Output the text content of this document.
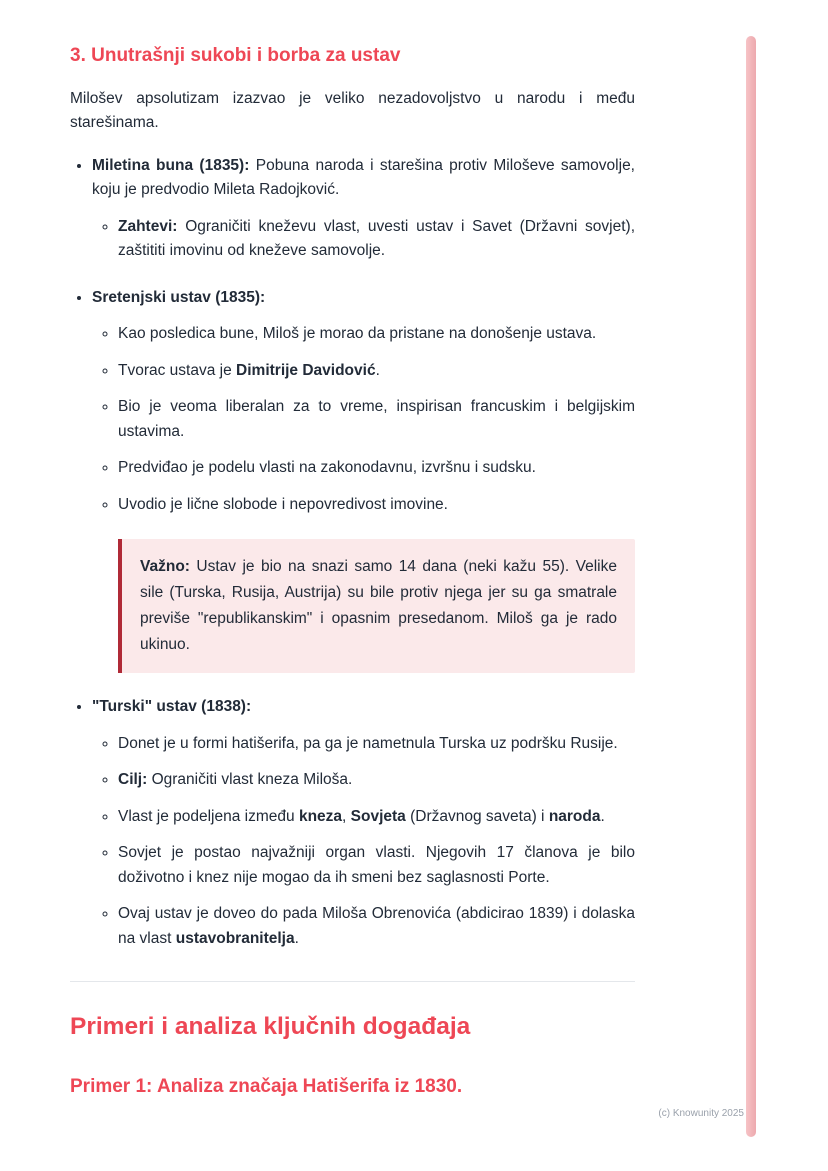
3. Unutrašnji sukobi i borba za ustav

Milošev apsolutizam izazvao je veliko nezadovoljstvo u narodu i među starešinama.

• Miletina buna (1835): Pobuna naroda i starešina protiv Miloševe samovolje, koju je predvodio Mileta Radojković.

◦ Zahtevi: Ograničiti kneževu vlast, uvesti ustav i Savet (Državni sovjet), zaštititi imovinu od kneževe samovolje.

• Sretenjski ustav (1835):

◦ Kao posledica bune, Miloš je morao da pristane na donošenje ustava.

◦ Tvorac ustava je Dimitrije Davidović.

◦ Bio je veoma liberalan za to vreme, inspirisan francuskim i belgijskim ustavima.

◦ Predviđao je podelu vlasti na zakonodavnu, izvršnu i sudsku.

◦ Uvodio je lične slobode i nepovredivost imovine.

Važno: Ustav je bio na snazi samo 14 dana (neki kažu 55). Velike sile (Turska, Rusija, Austrija) su bile protiv njega jer su ga smatrale previše "republikanskim" i opasnim presedanom. Miloš ga je rado ukinuo.

• "Turski" ustav (1838):

◦ Donet je u formi hatišerifa, pa ga je nametnula Turska uz podršku Rusije.

◦ Cilj: Ograničiti vlast kneza Miloša.

◦ Vlast je podeljena između kneza, Sovjeta (Državnog saveta) i naroda.

◦ Sovjet je postao najvažniji organ vlasti. Njegovih 17 članova je bilo doživotno i knez nije mogao da ih smeni bez saglasnosti Porte.

◦ Ovaj ustav je doveo do pada Miloša Obrenovića (abdicirao 1839) i dolaska na vlast ustavobranitelja.

Primeri i analiza ključnih događaja
Primer 1: Analiza značaja Hatišerifa iz 1830.
(c) Knowunity 2025
